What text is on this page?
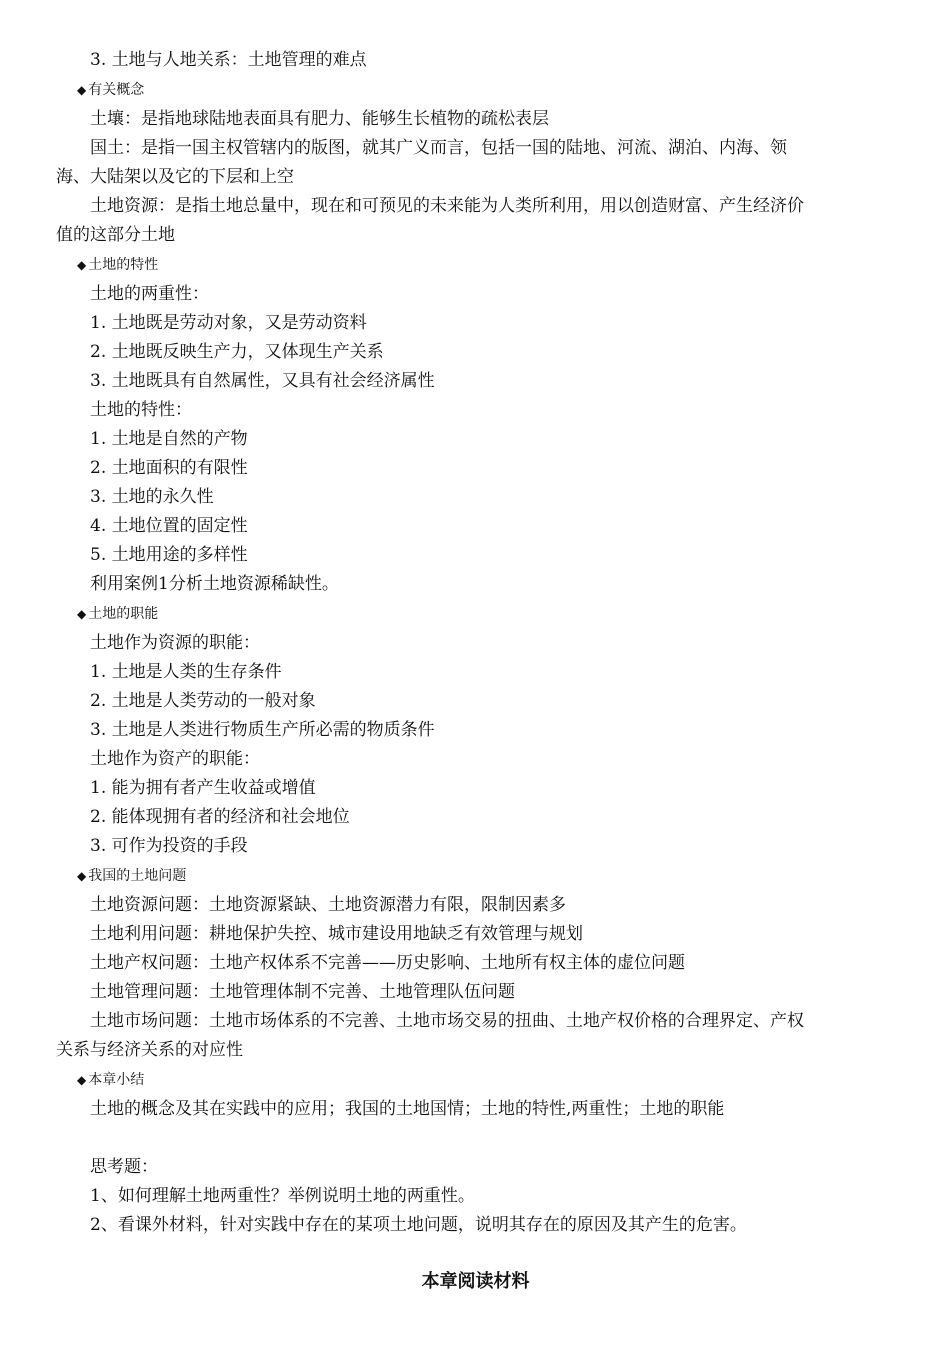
3. 土地与人地关系：土地管理的难点
◆ 有关概念
土壤：是指地球陆地表面具有肥力、能够生长植物的疏松表层
国土：是指一国主权管辖内的版图，就其广义而言，包括一国的陆地、河流、湖泊、内海、领
海、大陆架以及它的下层和上空
土地资源：是指土地总量中，现在和可预见的未来能为人类所利用，用以创造财富、产生经济价
值的这部分土地
◆ 土地的特性
土地的两重性：
1. 土地既是劳动对象，又是劳动资料
2. 土地既反映生产力，又体现生产关系
3. 土地既具有自然属性，又具有社会经济属性
土地的特性：
1. 土地是自然的产物
2. 土地面积的有限性
3. 土地的永久性
4. 土地位置的固定性
5. 土地用途的多样性
利用案例1分析土地资源稀缺性。
◆ 土地的职能
土地作为资源的职能：
1. 土地是人类的生存条件
2. 土地是人类劳动的一般对象
3. 土地是人类进行物质生产所必需的物质条件
土地作为资产的职能：
1. 能为拥有者产生收益或增值
2. 能体现拥有者的经济和社会地位
3. 可作为投资的手段
◆ 我国的土地问题
土地资源问题：土地资源紧缺、土地资源潜力有限，限制因素多
土地利用问题：耕地保护失控、城市建设用地缺乏有效管理与规划
土地产权问题：土地产权体系不完善——历史影响、土地所有权主体的虚位问题
土地管理问题：土地管理体制不完善、土地管理队伍问题
土地市场问题：土地市场体系的不完善、土地市场交易的扭曲、土地产权价格的合理界定、产权
关系与经济关系的对应性
◆ 本章小结
土地的概念及其在实践中的应用；我国的土地国情；土地的特性,两重性；土地的职能
思考题：
1、如何理解土地两重性？举例说明土地的两重性。
2、看课外材料，针对实践中存在的某项土地问题，说明其存在的原因及其产生的危害。
本章阅读材料
